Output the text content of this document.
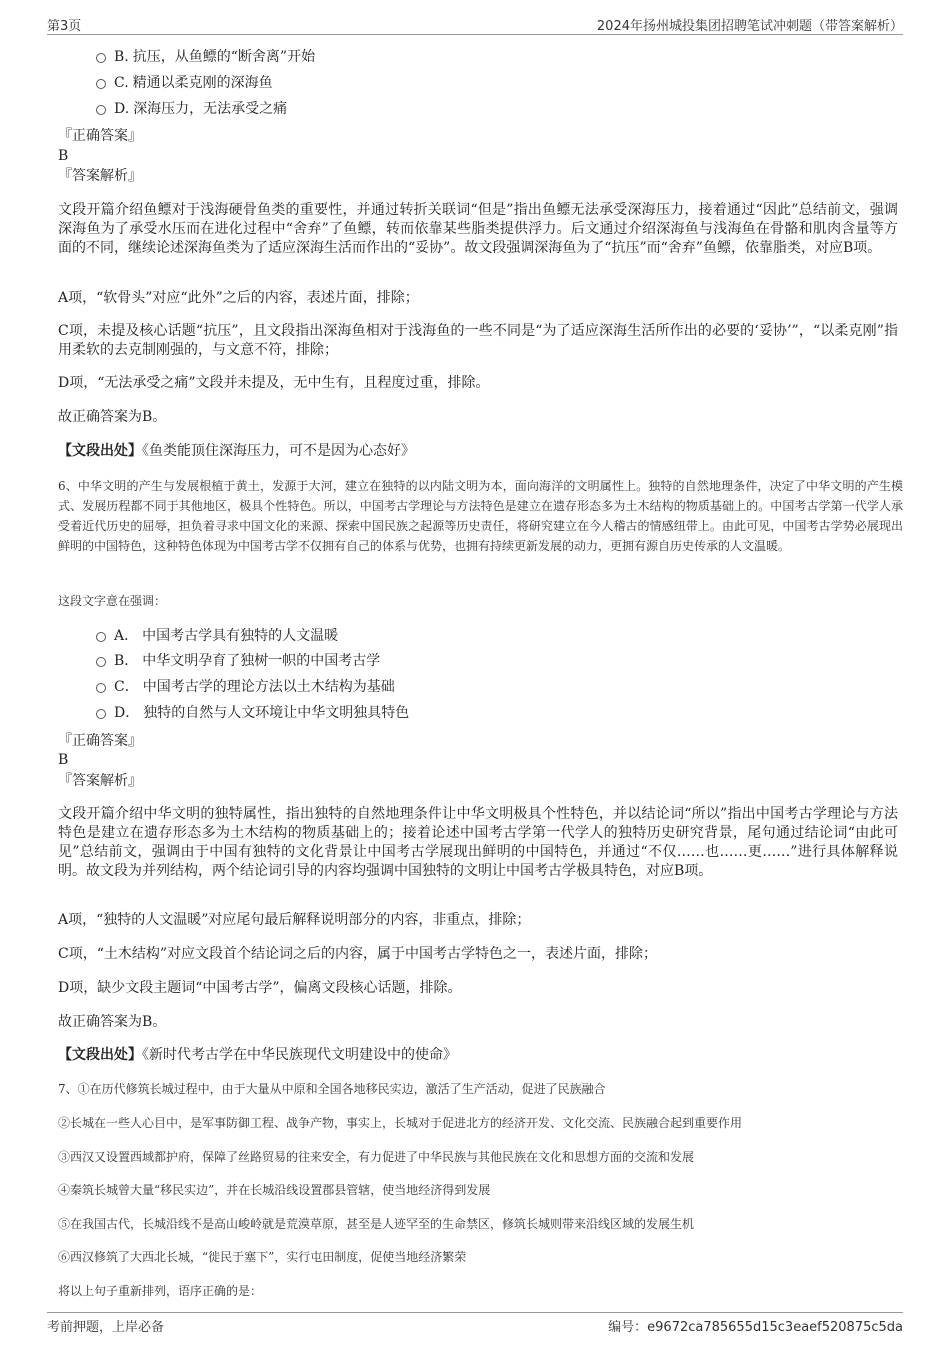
第3页	2024年扬州城投集团招聘笔试冲刺题（带答案解析）
B. 抗压，从鱼鳔的“断舍离”开始
C. 精通以柔克刚的深海鱼
D. 深海压力，无法承受之痛
『正确答案』
B
『答案解析』
文段开篇介绍鱼鳔对于浅海硬骨鱼类的重要性，并通过转折关联词“但是”指出鱼鳔无法承受深海压力，接着通过“因此”总结前文，强调深海鱼为了承受水压而在进化过程中“舍弃”了鱼鳔，转而依靠某些脂类提供浮力。后文通过介绍深海鱼与浅海鱼在骨骼和肌肉含量等方面的不同，继续论述深海鱼类为了适应深海生活而作出的“妥协”。故文段强调深海鱼为了“抗压”而“舍弃”鱼鳔，依靠脂类，对应B项。
A项，“软骨头”对应“此外”之后的内容，表述片面，排除；
C项，未提及核心话题“抗压”，且文段指出深海鱼相对于浅海鱼的一些不同是“为了适应深海生活所作出的必要的‘妥协’”，“以柔克刚”指用柔软的去克制刚强的，与文意不符，排除；
D项，“无法承受之痛”文段并未提及，无中生有，且程度过重，排除。
故正确答案为B。
【文段出处】《鱼类能顶住深海压力，可不是因为心态好》
6、中华文明的产生与发展根植于黄土，发源于大河，建立在独特的以内陆文明为本，面向海洋的文明属性上。独特的自然地理条件，决定了中华文明的产生模式、发展历程都不同于其他地区，极具个性特色。所以，中国考古学理论与方法特色是建立在遗存形态多为土木结构的物质基础上的。中国考古学第一代学人承受着近代历史的屈辱，担负着寻求中国文化的来源、探索中国民族之起源等历史责任，将研究建立在今人稽古的情感纽带上。由此可见，中国考古学势必展现出鲜明的中国特色，这种特色体现为中国考古学不仅拥有自己的体系与优势，也拥有持续更新发展的动力，更拥有源自历史传承的人文温暖。
这段文字意在强调：
A． 中国考古学具有独特的人文温暖
B． 中华文明孕育了独树一帜的中国考古学
C． 中国考古学的理论方法以土木结构为基础
D． 独特的自然与人文环境让中华文明独具特色
『正确答案』
B
『答案解析』
文段开篇介绍中华文明的独特属性，指出独特的自然地理条件让中华文明极具个性特色，并以结论词“所以”指出中国考古学理论与方法特色是建立在遗存形态多为土木结构的物质基础上的；接着论述中国考古学第一代学人的独特历史研究背景，尾句通过结论词“由此可见”总结前文，强调由于中国有独特的文化背景让中国考古学展现出鲜明的中国特色，并通过“不仅……也……更……”进行具体解释说明。故文段为并列结构，两个结论词引导的内容均强调中国独特的文明让中国考古学极具特色，对应B项。
A项，“独特的人文温暖”对应尾句最后解释说明部分的内容，非重点，排除；
C项，“土木结构”对应文段首个结论词之后的内容，属于中国考古学特色之一，表述片面，排除；
D项，缺少文段主题词“中国考古学”，偏离文段核心话题，排除。
故正确答案为B。
【文段出处】《新时代考古学在中华民族现代文明建设中的使命》
7、①在历代修筑长城过程中，由于大量从中原和全国各地移民实边，激活了生产活动，促进了民族融合
②长城在一些人心目中，是军事防御工程、战争产物，事实上，长城对于促进北方的经济开发、文化交流、民族融合起到重要作用
③西汉又设置西域都护府，保障了丝路贸易的往来安全，有力促进了中华民族与其他民族在文化和思想方面的交流和发展
④秦筑长城曾大量“移民实边”，并在长城沿线设置郡县管辖，使当地经济得到发展
⑤在我国古代，长城沿线不是高山峻岭就是荒漠草原，甚至是人迹罕至的生命禁区，修筑长城则带来沿线区域的发展生机
⑥西汉修筑了大西北长城，“徙民于塞下”，实行屯田制度，促使当地经济繁荣
将以上句子重新排列，语序正确的是：
考前押题，上岸必备	编号：e9672ca785655d15c3eaef520875c5da
